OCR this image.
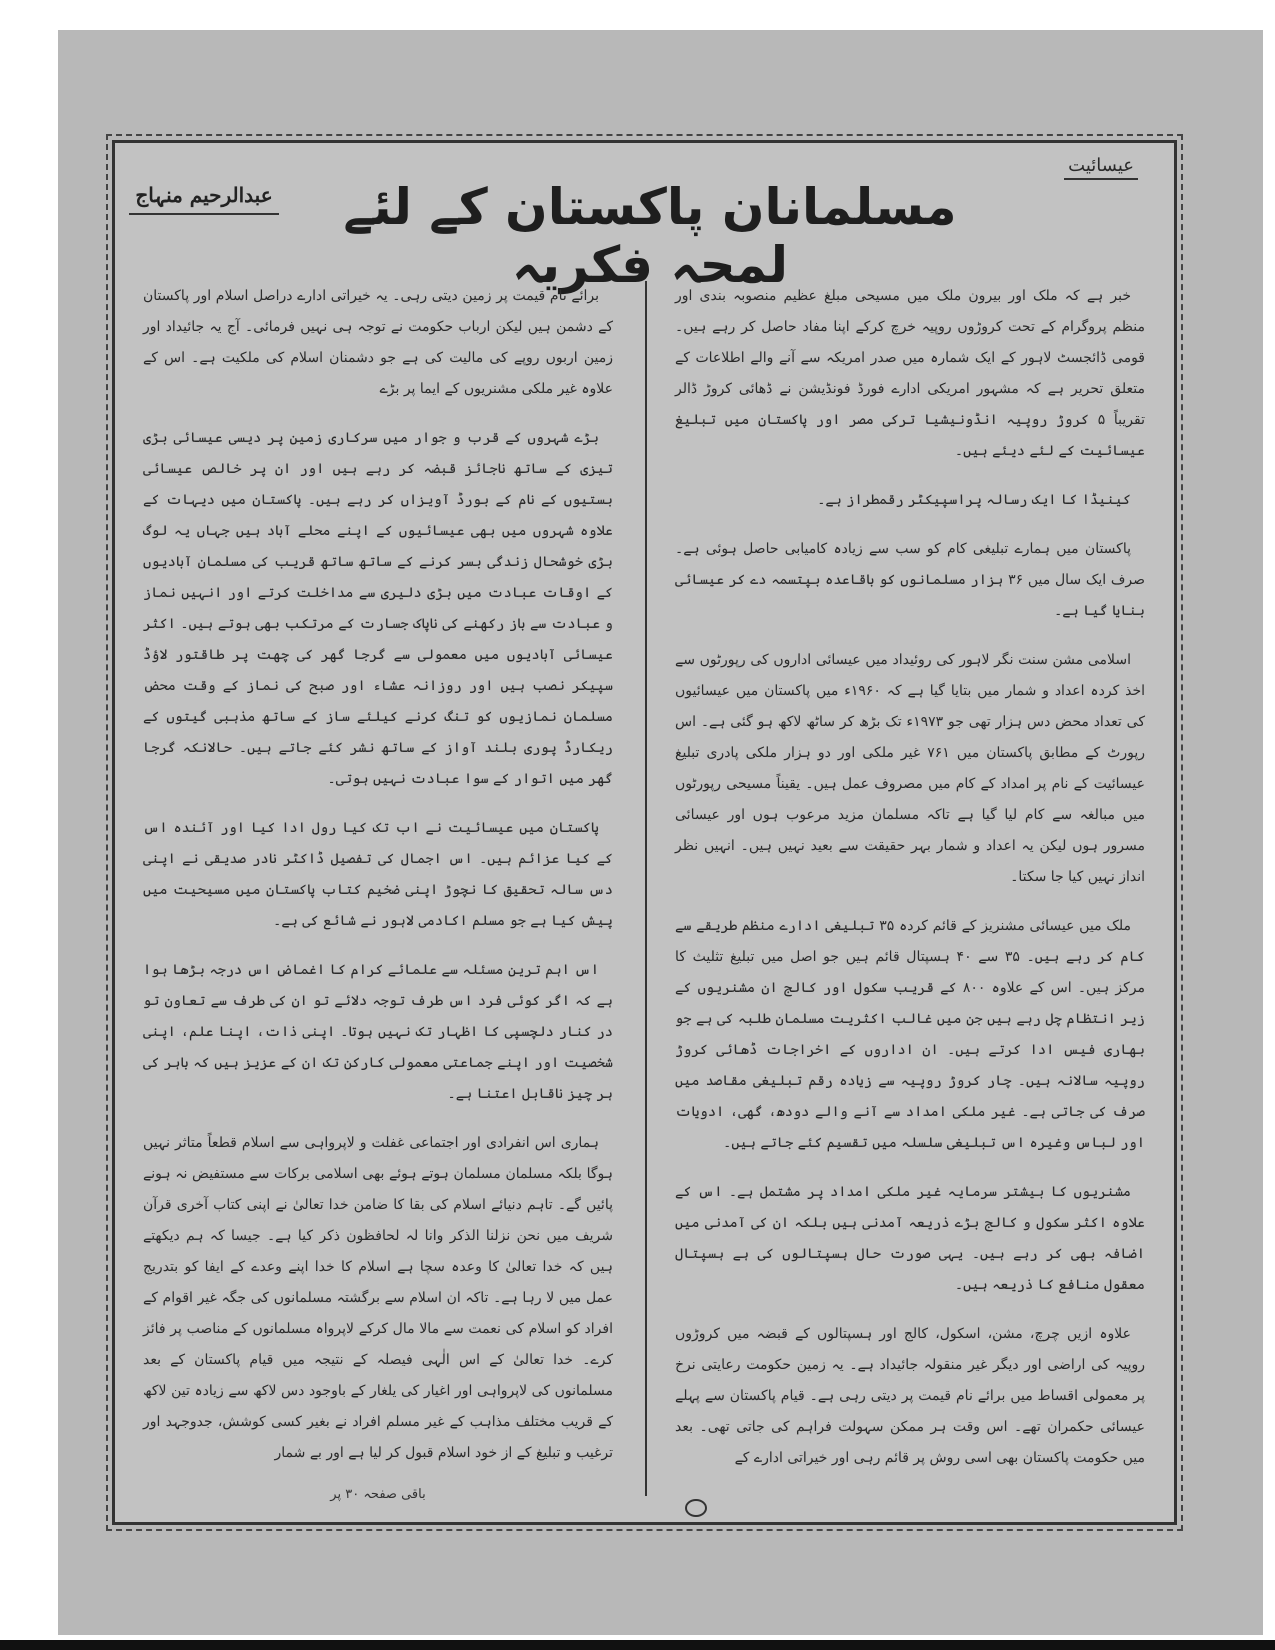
عیسائیت
مسلمانان پاکستان کے لئے لمحہ فکریہ
عبدالرحیم منہاج

خبر ہے کہ ملک اور بیرون ملک میں مسیحی مبلغ عظیم منصوبہ بندی اور منظم پروگرام کے تحت کروڑوں روپیہ خرچ کرکے اپنا مفاد حاصل کر رہے ہیں۔ قومی ڈائجسٹ لاہور کے ایک شمارہ میں صدر امریکہ سے آنے والے اطلاعات کے متعلق تحریر ہے کہ مشہور امریکی ادارے فورڈ فونڈیشن نے ڈھائی کروڑ ڈالر تقریباً ۵ کروڑ روپیہ انڈونیشیا ترکی مصر اور پاکستان میں تبلیغ عیسائیت کے لئے دیئے ہیں۔

کینیڈا کا ایک رسالہ پراسپیکٹر رقمطراز ہے۔

پاکستان میں ہمارے تبلیغی کام کو سب سے زیادہ کامیابی حاصل ہوئی ہے۔ صرف ایک سال میں ۳۶ ہزار مسلمانوں کو باقاعدہ بپتسمہ دے کر عیسائی بنایا گیا ہے۔

اسلامی مشن سنت نگر لاہور کی روئیداد میں عیسائی اداروں کی رپورٹوں سے اخذ کردہ اعداد و شمار میں بتایا گیا ہے کہ ۱۹۶۰ء میں پاکستان میں عیسائیوں کی تعداد محض دس ہزار تھی جو ۱۹۷۳ء تک بڑھ کر ساٹھ لاکھ ہو گئی ہے۔ اس رپورٹ کے مطابق پاکستان میں ۷۶۱ غیر ملکی اور دو ہزار ملکی پادری تبلیغ عیسائیت کے نام پر امداد کے کام میں مصروف عمل ہیں۔ یقیناً مسیحی رپورٹوں میں مبالغہ سے کام لیا گیا ہے تاکہ مسلمان مزید مرعوب ہوں اور عیسائی مسرور ہوں لیکن یہ اعداد و شمار بہر حقیقت سے بعید نہیں ہیں۔ انہیں نظر انداز نہیں کیا جا سکتا۔

ملک میں عیسائی مشنریز کے قائم کردہ ۳۵ تبلیغی ادارے منظم طریقے سے کام کر رہے ہیں۔ ۳۵ سے ۴۰ ہسپتال قائم ہیں جو اصل میں تبلیغ تثلیث کا مرکز ہیں۔ اس کے علاوہ ۸۰۰ کے قریب سکول اور کالج ان مشنریوں کے زیر انتظام چل رہے ہیں جن میں غالب اکثریت مسلمان طلبہ کی ہے جو بھاری فیس ادا کرتے ہیں۔ ان اداروں کے اخراجات ڈھائی کروڑ روپیہ سالانہ ہیں۔ چار کروڑ روپیہ سے زیادہ رقم تبلیغی مقاصد میں صرف کی جاتی ہے۔ غیر ملکی امداد سے آنے والے دودھ، گھی، ادویات اور لباس وغیرہ اس تبلیغی سلسلہ میں تقسیم کئے جاتے ہیں۔

مشنریوں کا بیشتر سرمایہ غیر ملکی امداد پر مشتمل ہے۔ اس کے علاوہ اکثر سکول و کالج بڑے ذریعہ آمدنی ہیں بلکہ ان کی آمدنی میں اضافہ بھی کر رہے ہیں۔ یہی صورت حال ہسپتالوں کی ہے ہسپتال معقول منافع کا ذریعہ ہیں۔

علاوہ ازیں چرچ، مشن، اسکول، کالج اور ہسپتالوں کے قبضہ میں کروڑوں روپیہ کی اراضی اور دیگر غیر منقولہ جائیداد ہے۔ یہ زمین حکومت رعایتی نرخ پر معمولی اقساط میں برائے نام قیمت پر دیتی رہی ہے۔ قیام پاکستان سے پہلے عیسائی حکمران تھے۔ اس وقت ہر ممکن سہولت فراہم کی جاتی تھی۔ بعد میں حکومت پاکستان بھی اسی روش پر قائم رہی اور خیراتی ادارے کے

برائے نام قیمت پر زمین دیتی رہی۔ یہ خیراتی ادارے دراصل اسلام اور پاکستان کے دشمن ہیں لیکن ارباب حکومت نے توجہ ہی نہیں فرمائی۔ آج یہ جائیداد اور زمین اربوں روپے کی مالیت کی ہے جو دشمنان اسلام کی ملکیت ہے۔ اس کے علاوہ غیر ملکی مشنریوں کے ایما پر بڑے

بڑے شہروں کے قرب و جوار میں سرکاری زمین پر دیسی عیسائی بڑی تیزی کے ساتھ ناجائز قبضہ کر رہے ہیں اور ان پر خالص عیسائی بستیوں کے نام کے بورڈ آویزاں کر رہے ہیں۔ پاکستان میں دیہات کے علاوہ شہروں میں بھی عیسائیوں کے اپنے محلے آباد ہیں جہاں یہ لوگ بڑی خوشحال زندگی بسر کرنے کے ساتھ ساتھ قریب کی مسلمان آبادیوں کے اوقات عبادت میں بڑی دلیری سے مداخلت کرتے اور انہیں نماز و عبادت سے باز رکھنے کی ناپاک جسارت کے مرتکب بھی ہوتے ہیں۔ اکثر عیسائی آبادیوں میں معمولی سے گرجا گھر کی چھت پر طاقتور لاؤڈ سپیکر نصب ہیں اور روزانہ عشاء اور صبح کی نماز کے وقت محض مسلمان نمازیوں کو تنگ کرنے کیلئے ساز کے ساتھ مذہبی گیتوں کے ریکارڈ پوری بلند آواز کے ساتھ نشر کئے جاتے ہیں۔ حالانکہ گرجا گھر میں اتوار کے سوا عبادت نہیں ہوتی۔

پاکستان میں عیسائیت نے اب تک کیا رول ادا کیا اور آئندہ اس کے کیا عزائم ہیں۔ اس اجمال کی تفصیل ڈاکٹر نادر صدیقی نے اپنی دس سالہ تحقیق کا نچوڑ اپنی ضخیم کتاب پاکستان میں مسیحیت میں پیش کیا ہے جو مسلم اکادمی لاہور نے شائع کی ہے۔

اس اہم ترین مسئلہ سے علمائے کرام کا اغماض اس درجہ بڑھا ہوا ہے کہ اگر کوئی فرد اس طرف توجہ دلائے تو ان کی طرف سے تعاون تو در کنار دلچسپی کا اظہار تک نہیں ہوتا۔ اپنی ذات، اپنا علم، اپنی شخصیت اور اپنے جماعتی معمولی کارکن تک ان کے عزیز ہیں کہ باہر کی ہر چیز ناقابل اعتنا ہے۔

ہماری اس انفرادی اور اجتماعی غفلت و لاپرواہی سے اسلام قطعاً متاثر نہیں ہوگا بلکہ مسلمان مسلمان ہوتے ہوئے بھی اسلامی برکات سے مستفیض نہ ہونے پائیں گے۔ تاہم دنیائے اسلام کی بقا کا ضامن خدا تعالیٰ نے اپنی کتاب آخری قرآن شریف میں نحن نزلنا الذکر وانا لہ لحافظون ذکر کیا ہے۔ جیسا کہ ہم دیکھتے ہیں کہ خدا تعالیٰ کا وعدہ سچا ہے اسلام کا خدا اپنے وعدے کے ایفا کو بتدریج عمل میں لا رہا ہے۔ تاکہ ان اسلام سے برگشتہ مسلمانوں کی جگہ غیر اقوام کے افراد کو اسلام کی نعمت سے مالا مال کرکے لاپرواہ مسلمانوں کے مناصب پر فائز کرے۔ خدا تعالیٰ کے اس الٰہی فیصلہ کے نتیجہ میں قیام پاکستان کے بعد مسلمانوں کی لاپرواہی اور اغیار کی یلغار کے باوجود دس لاکھ سے زیادہ تین لاکھ کے قریب مختلف مذاہب کے غیر مسلم افراد نے بغیر کسی کوشش، جدوجہد اور ترغیب و تبلیغ کے از خود اسلام قبول کر لیا ہے اور بے شمار

باقی صفحہ ۳۰ پر
